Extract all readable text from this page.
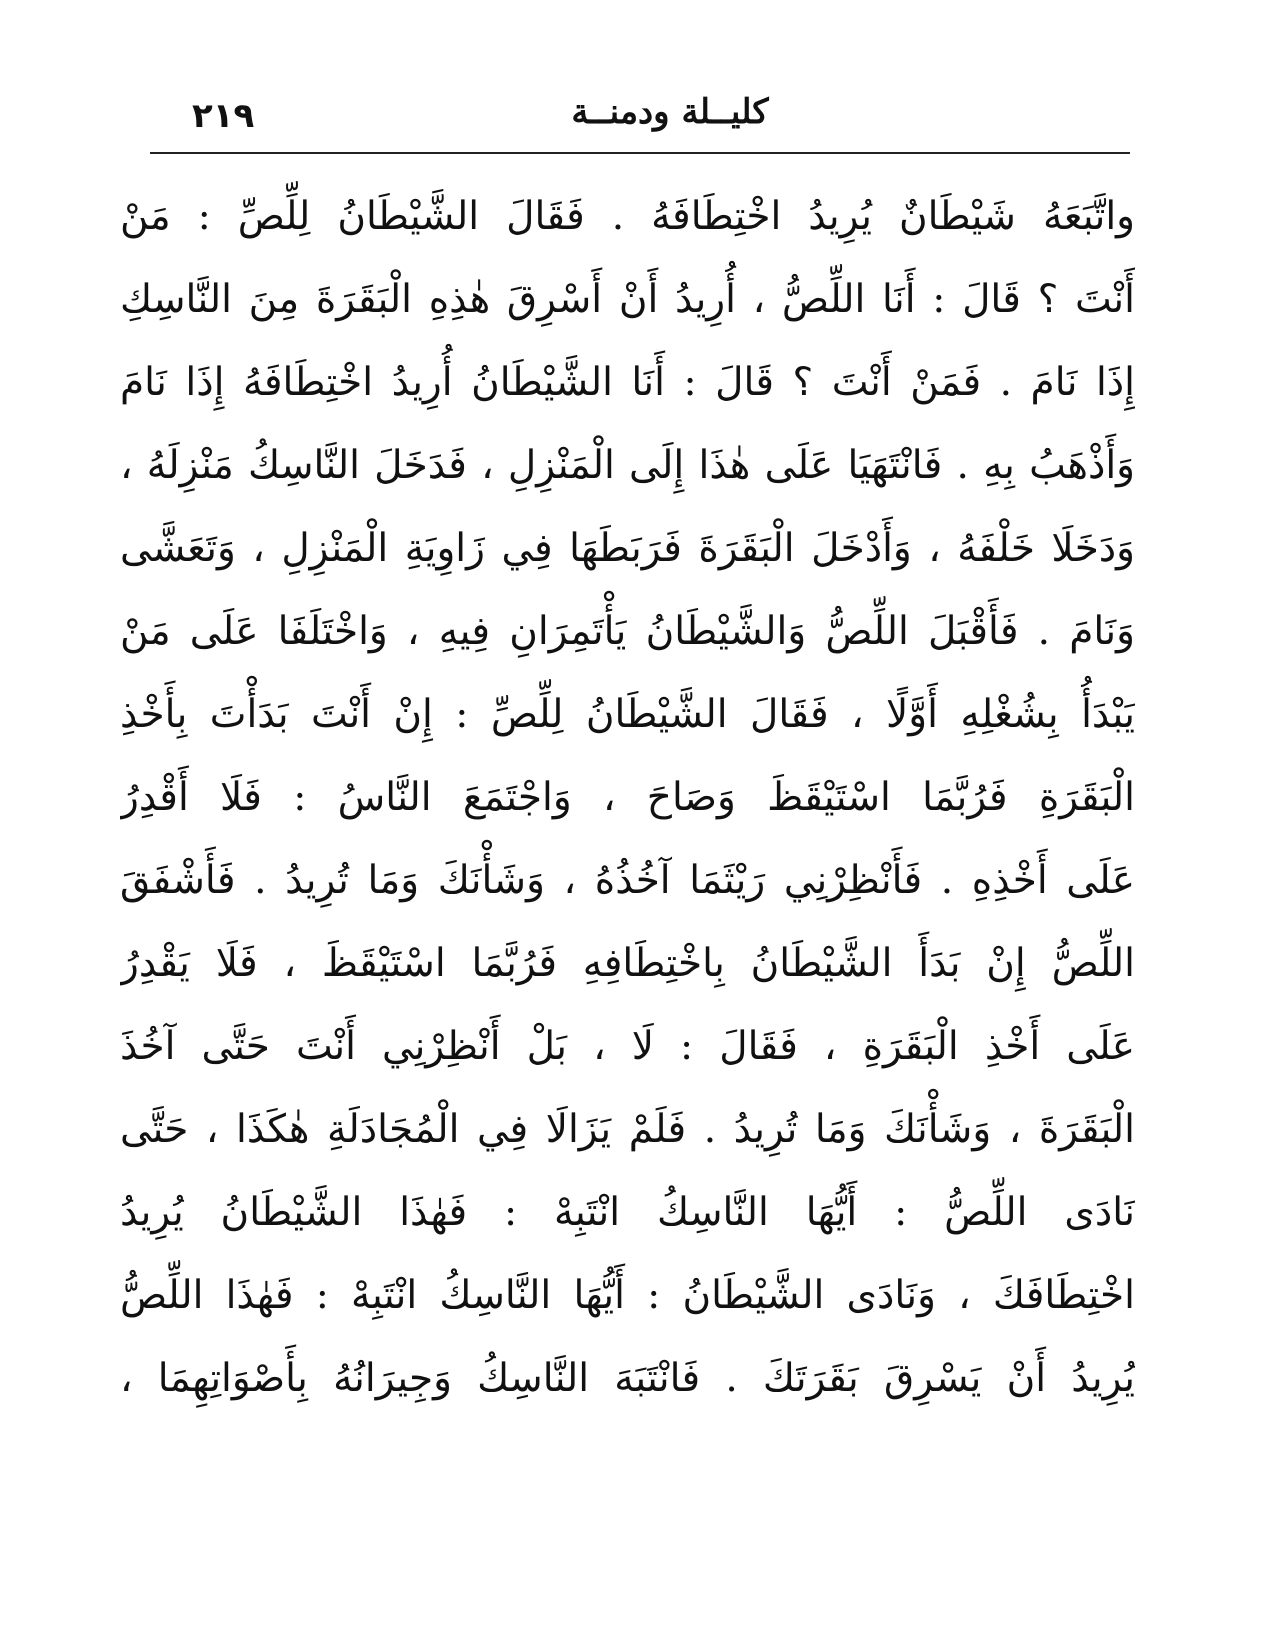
٢١٩	كليــلة ودمنــة
واتَّبَعَهُ شَيْطَانٌ يُرِيدُ اخْتِطَافَهُ . فَقَالَ الشَّيْطَانُ لِلِّصِّ : مَنْ
أَنْتَ ؟ قَالَ : أَنَا اللِّصُّ ، أُرِيدُ أَنْ أَسْرِقَ هٰذِهِ الْبَقَرَةَ مِنَ النَّاسِكِ
إِذَا نَامَ . فَمَنْ أَنْتَ ؟ قَالَ : أَنَا الشَّيْطَانُ أُرِيدُ اخْتِطَافَهُ إِذَا نَامَ
وَأَذْهَبُ بِهِ . فَانْتَهَيَا عَلَى هٰذَا إِلَى الْمَنْزِلِ ، فَدَخَلَ النَّاسِكُ مَنْزِلَهُ ،
وَدَخَلَا خَلْفَهُ ، وَأَدْخَلَ الْبَقَرَةَ فَرَبَطَهَا فِي زَاوِيَةِ الْمَنْزِلِ ، وَتَعَشَّى
وَنَامَ . فَأَقْبَلَ اللِّصُّ وَالشَّيْطَانُ يَأْتَمِرَانِ فِيهِ ، وَاخْتَلَفَا عَلَى مَنْ
يَبْدَأُ بِشُغْلِهِ أَوَّلًا ، فَقَالَ الشَّيْطَانُ لِلِّصِّ : إِنْ أَنْتَ بَدَأْتَ بِأَخْذِ
الْبَقَرَةِ فَرُبَّمَا اسْتَيْقَظَ وَصَاحَ ، وَاجْتَمَعَ النَّاسُ : فَلَا أَقْدِرُ
عَلَى أَخْذِهِ . فَأَنْظِرْنِي رَيْثَمَا آخُذُهُ ، وَشَأْنَكَ وَمَا تُرِيدُ . فَأَشْفَقَ
اللِّصُّ إِنْ بَدَأَ الشَّيْطَانُ بِاخْتِطَافِهِ فَرُبَّمَا اسْتَيْقَظَ ، فَلَا يَقْدِرُ
عَلَى أَخْذِ الْبَقَرَةِ ، فَقَالَ : لَا ، بَلْ أَنْظِرْنِي أَنْتَ حَتَّى آخُذَ
الْبَقَرَةَ ، وَشَأْنَكَ وَمَا تُرِيدُ . فَلَمْ يَزَالَا فِي الْمُجَادَلَةِ هٰكَذَا ، حَتَّى
نَادَى اللِّصُّ : أَيُّهَا النَّاسِكُ انْتَبِهْ : فَهٰذَا الشَّيْطَانُ يُرِيدُ
اخْتِطَافَكَ ، وَنَادَى الشَّيْطَانُ : أَيُّهَا النَّاسِكُ انْتَبِهْ : فَهٰذَا اللِّصُّ
يُرِيدُ أَنْ يَسْرِقَ بَقَرَتَكَ . فَانْتَبَهَ النَّاسِكُ وَجِيرَانُهُ بِأَصْوَاتِهِمَا ،
